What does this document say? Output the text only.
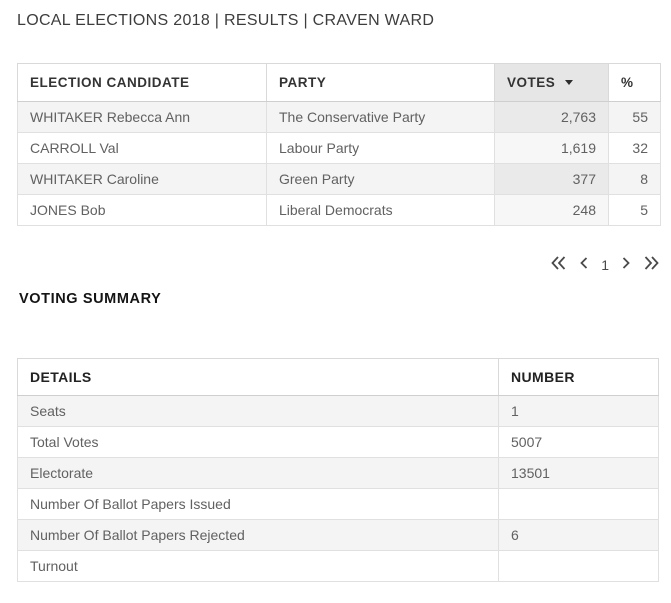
LOCAL ELECTIONS 2018 | RESULTS | CRAVEN WARD
ELECTION CANDIDATE	PARTY	VOTES	%
WHITAKER Rebecca Ann	The Conservative Party	2,763	55
CARROLL Val	Labour Party	1,619	32
WHITAKER Caroline	Green Party	377	8
JONES Bob	Liberal Democrats	248	5
1
VOTING SUMMARY
DETAILS	NUMBER
Seats	1
Total Votes	5007
Electorate	13501
Number Of Ballot Papers Issued	
Number Of Ballot Papers Rejected	6
Turnout	
